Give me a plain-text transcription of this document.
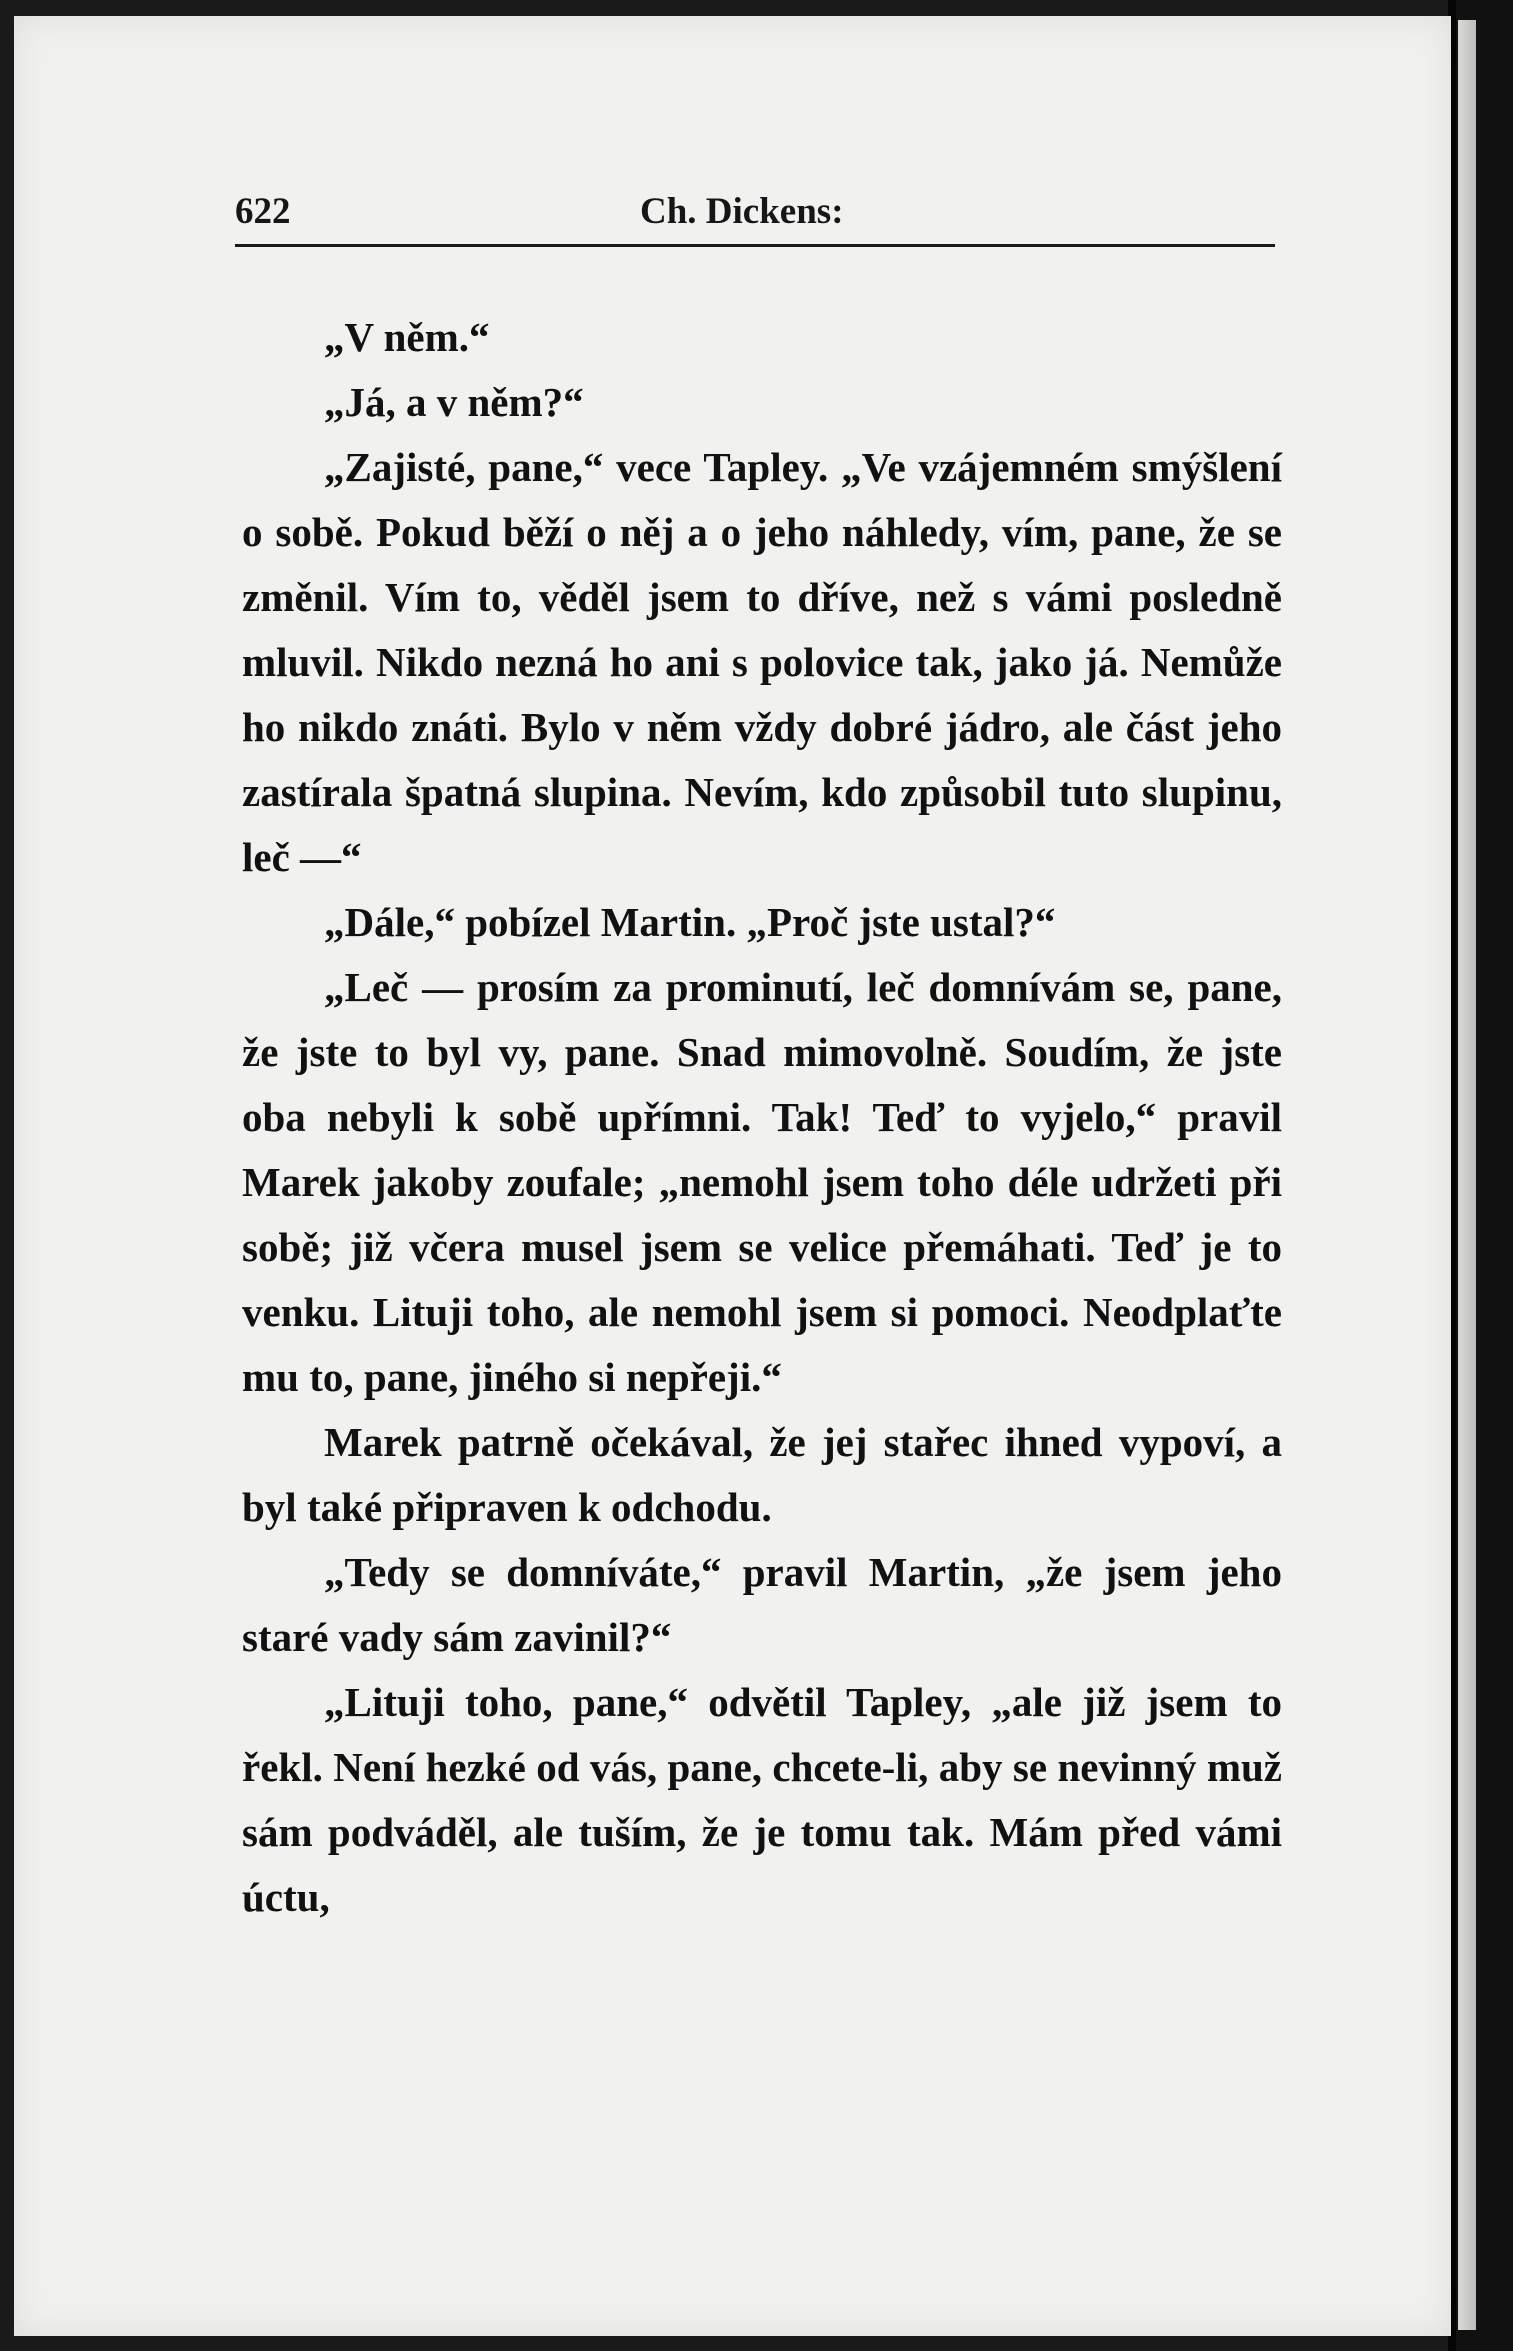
622	Ch. Dickens:

„V něm.“

„Já, a v něm?“

„Zajisté, pane,“ vece Tapley. „Ve vzájemném smýšlení o sobě. Pokud běží o něj a o jeho náhledy, vím, pane, že se změnil. Vím to, věděl jsem to dříve, než s vámi posledně mluvil. Nikdo nezná ho ani s polovice tak, jako já. Nemůže ho nikdo znáti. Bylo v něm vždy dobré jádro, ale část jeho zastírala špatná slupina. Nevím, kdo způsobil tuto slupinu, leč —“

„Dále,“ pobízel Martin. „Proč jste ustal?“

„Leč — prosím za prominutí, leč domnívám se, pane, že jste to byl vy, pane. Snad mimovolně. Soudím, že jste oba nebyli k sobě upřímni. Tak! Teď to vyjelo,“ pravil Marek jakoby zoufale; „nemohl jsem toho déle udržeti při sobě; již včera musel jsem se velice přemáhati. Teď je to venku. Lituji toho, ale nemohl jsem si pomoci. Neodplaťte mu to, pane, jiného si nepřeji.“

Marek patrně očekával, že jej stařec ihned vypoví, a byl také připraven k odchodu.

„Tedy se domníváte,“ pravil Martin, „že jsem jeho staré vady sám zavinil?“

„Lituji toho, pane,“ odvětil Tapley, „ale již jsem to řekl. Není hezké od vás, pane, chcete-li, aby se nevinný muž sám podváděl, ale tuším, že je tomu tak. Mám před vámi úctu,
